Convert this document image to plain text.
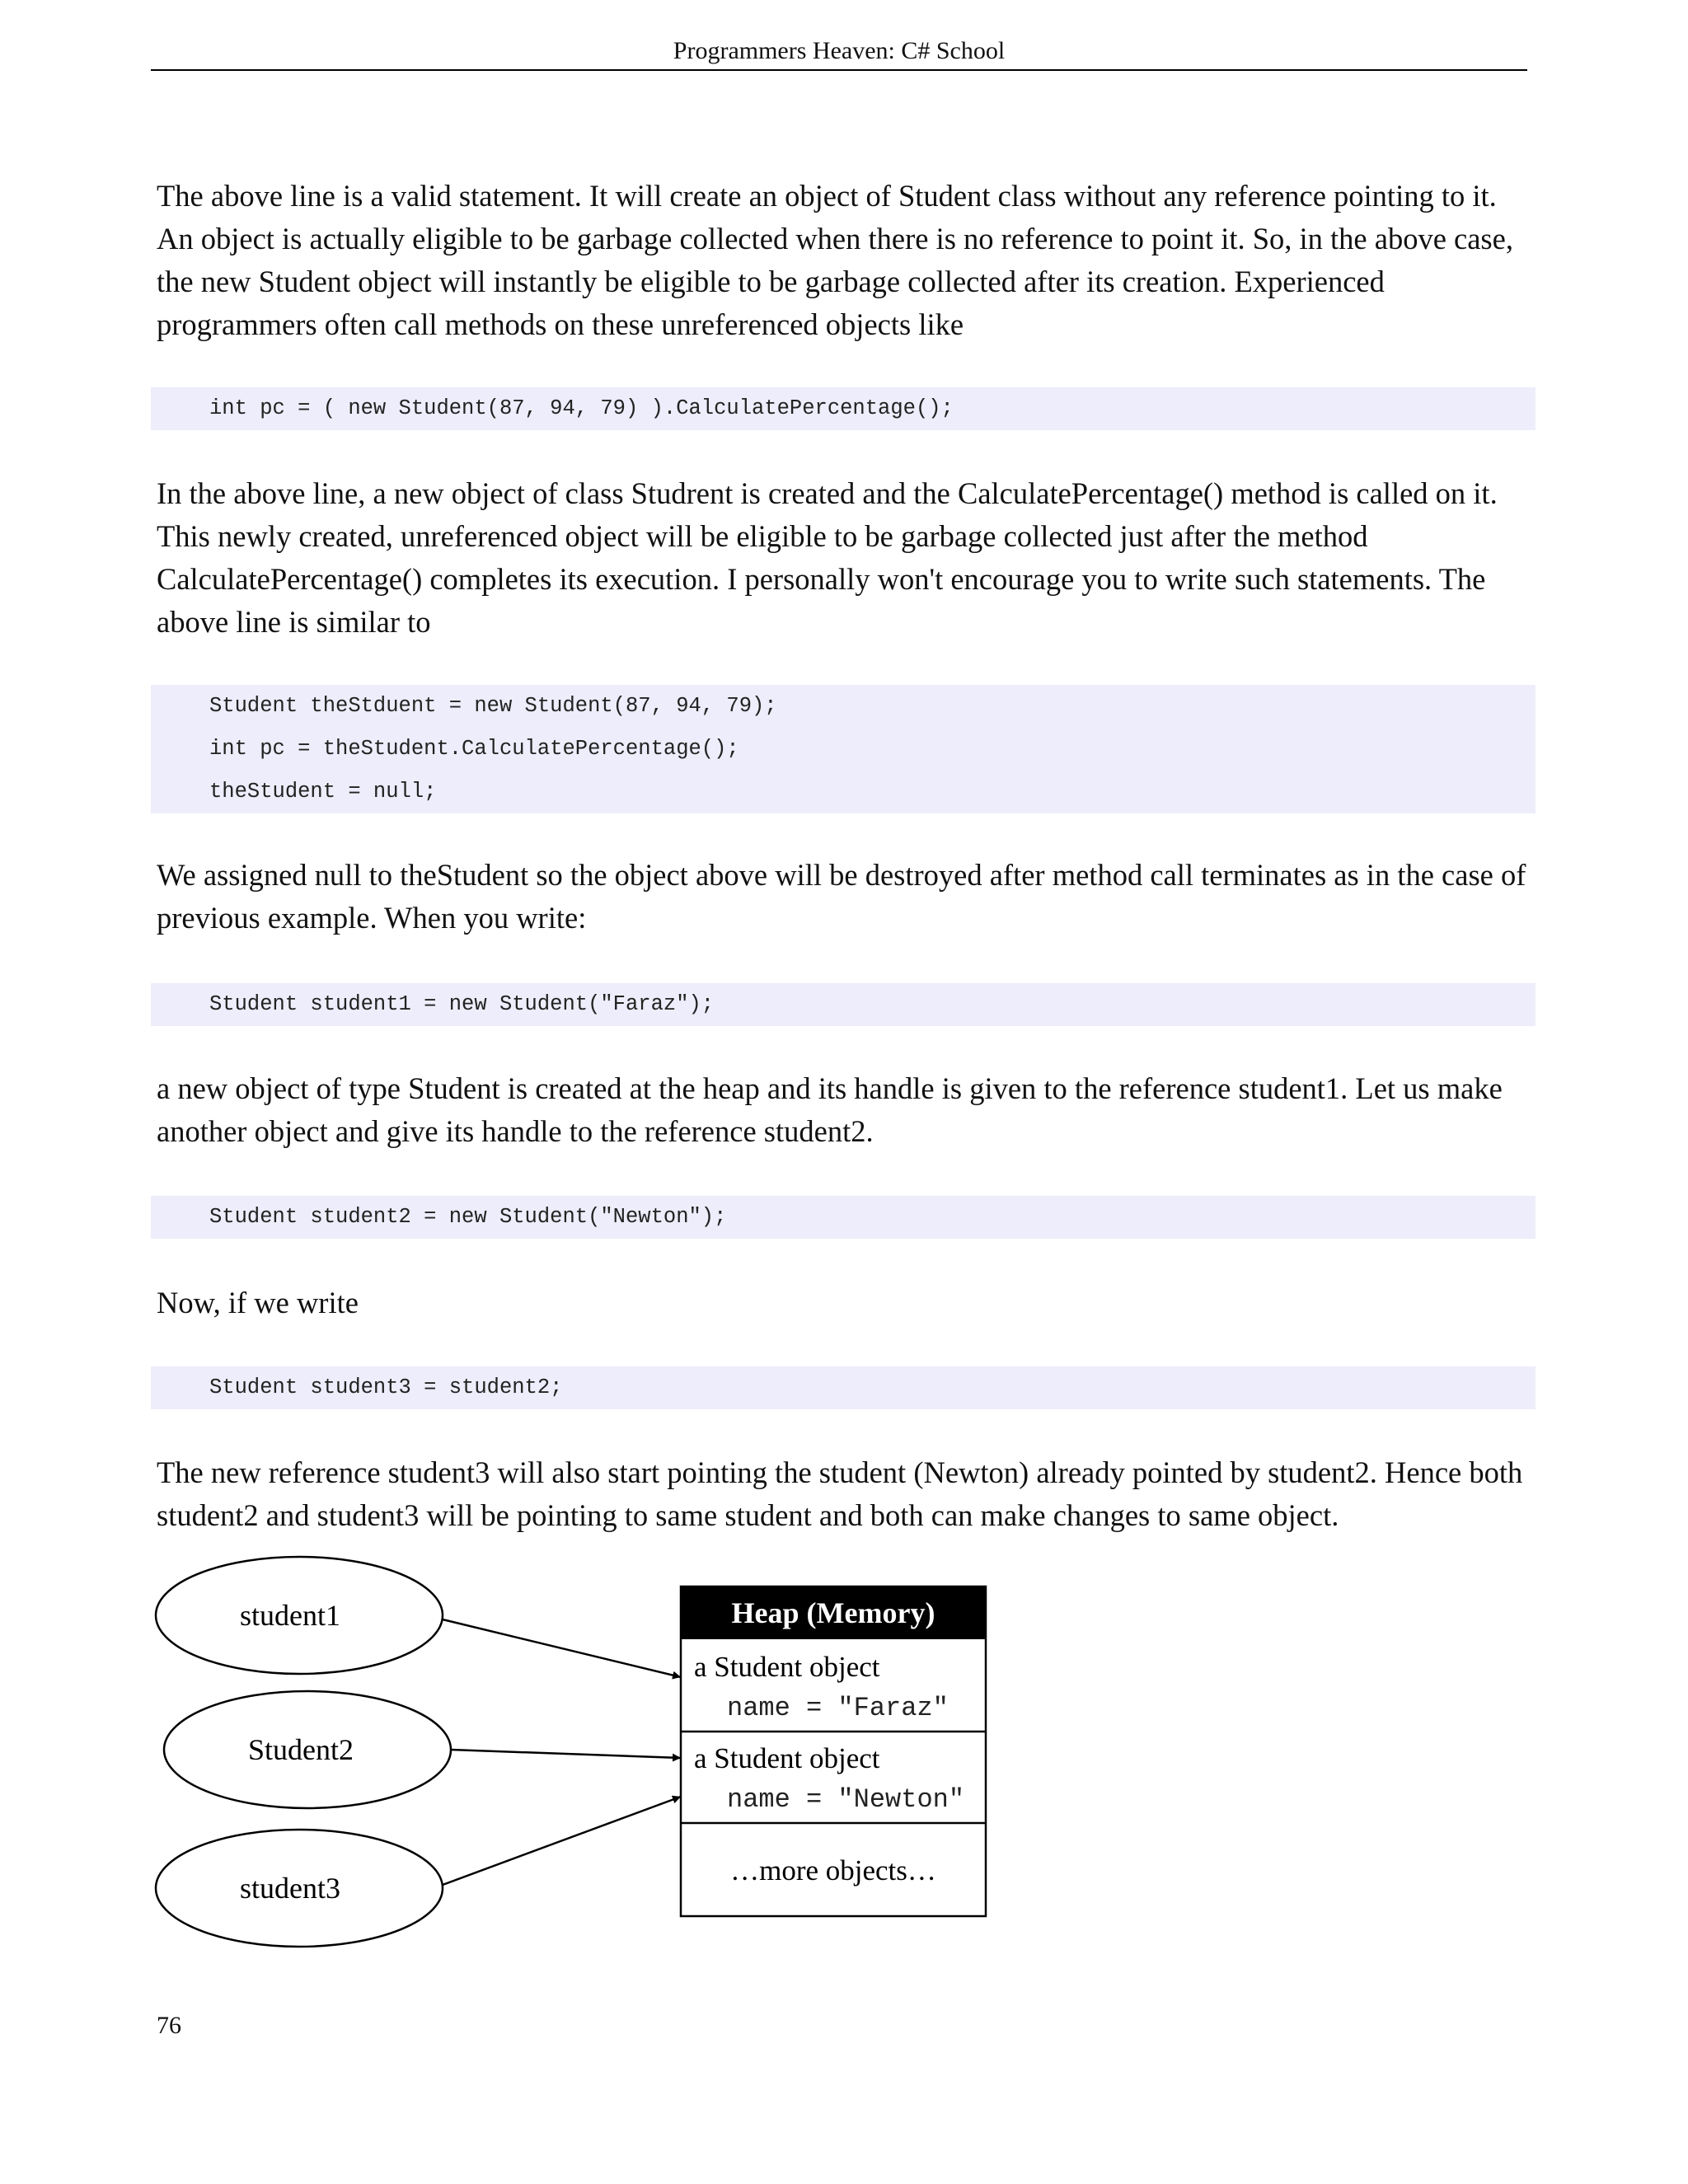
Programmers Heaven: C# School

The above line is a valid statement. It will create an object of Student class without any reference pointing to it. An object is actually eligible to be garbage collected when there is no reference to point it. So, in the above case, the new Student object will instantly be eligible to be garbage collected after its creation. Experienced programmers often call methods on these unreferenced objects like

int pc = ( new Student(87, 94, 79) ).CalculatePercentage();

In the above line, a new object of class Studrent is created and the CalculatePercentage() method is called on it. This newly created, unreferenced object will be eligible to be garbage collected just after the method CalculatePercentage() completes its execution. I personally won't encourage you to write such statements. The above line is similar to

Student theStduent = new Student(87, 94, 79);
int pc = theStudent.CalculatePercentage();
theStudent = null;

We assigned null to theStudent so the object above will be destroyed after method call terminates as in the case of previous example. When you write:

Student student1 = new Student("Faraz");

a new object of type Student is created at the heap and its handle is given to the reference student1. Let us make another object and give its handle to the reference student2.

Student student2 = new Student("Newton");

Now, if we write

Student student3 = student2;

The new reference student3 will also start pointing the student (Newton) already pointed by student2. Hence both student2 and student3 will be pointing to same student and both can make changes to same object.

student1
Student2
student3
Heap (Memory)
a Student object
name = "Faraz"
a Student object
name = "Newton"
…more objects…
76
